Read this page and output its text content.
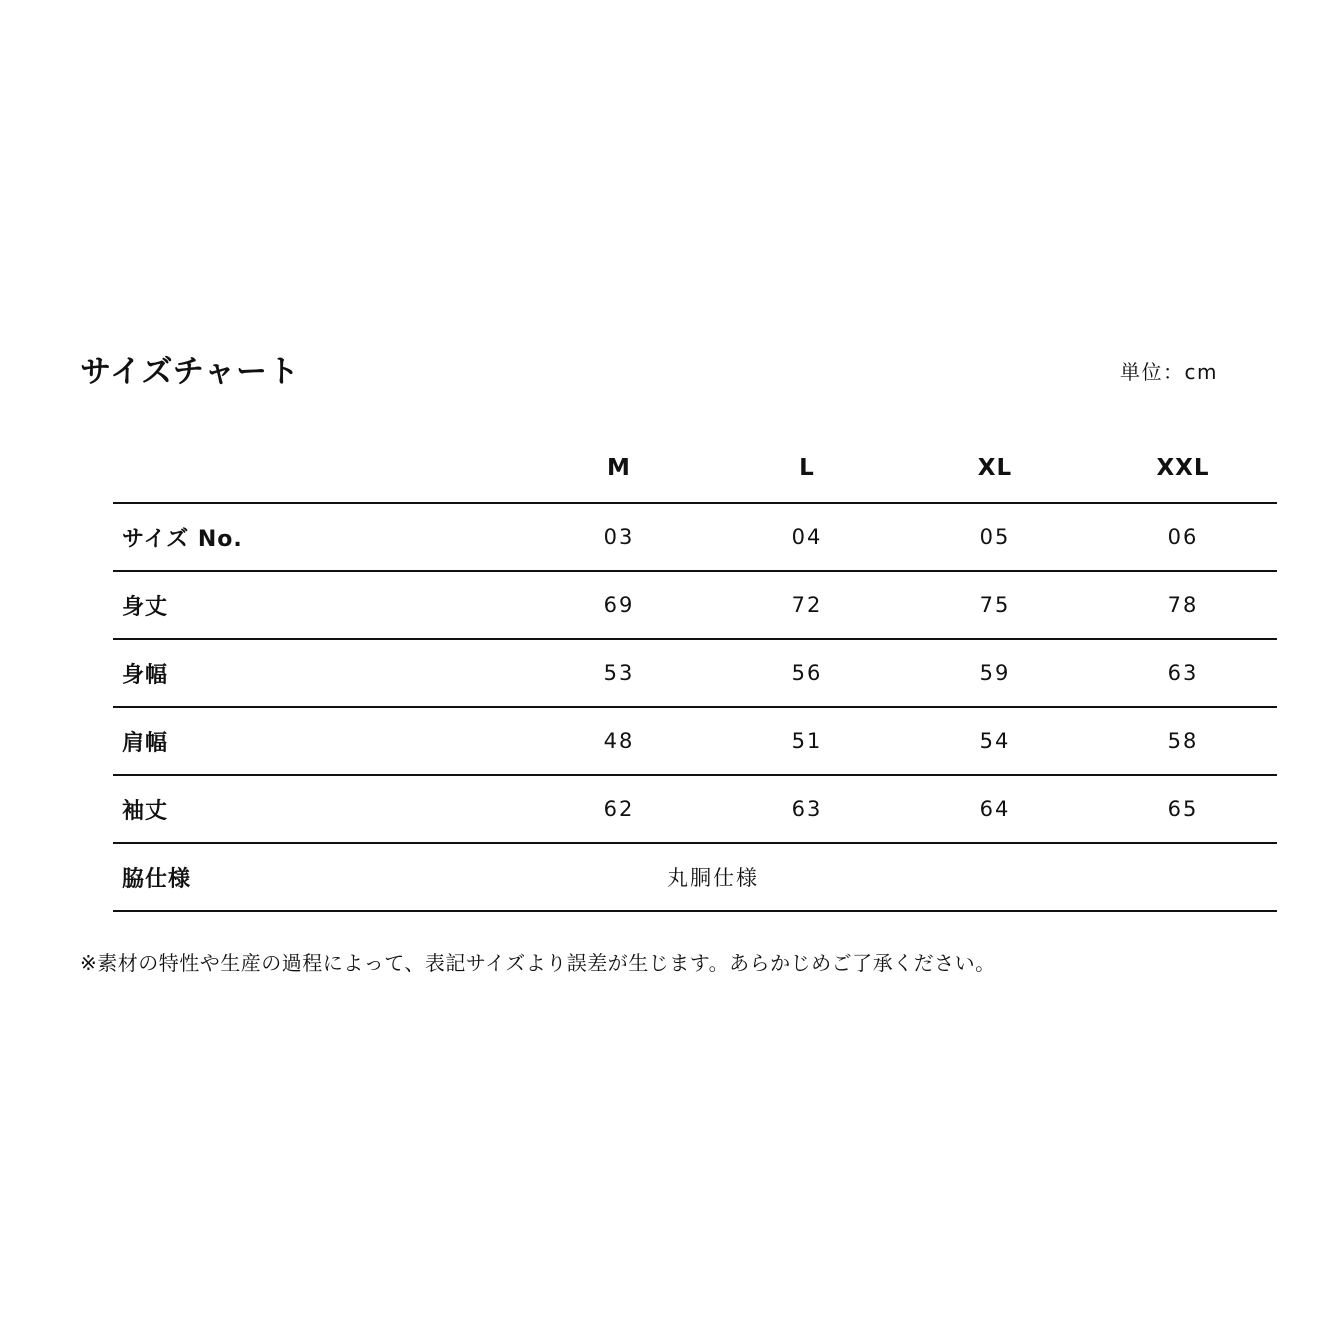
サイズチャート	単位：cm
	M	L	XL	XXL
サイズ No.	03	04	05	06
身丈	69	72	75	78
身幅	53	56	59	63
肩幅	48	51	54	58
袖丈	62	63	64	65
脇仕様	丸胴仕様			

※素材の特性や生産の過程によって、表記サイズより誤差が生じます。あらかじめご了承ください。
